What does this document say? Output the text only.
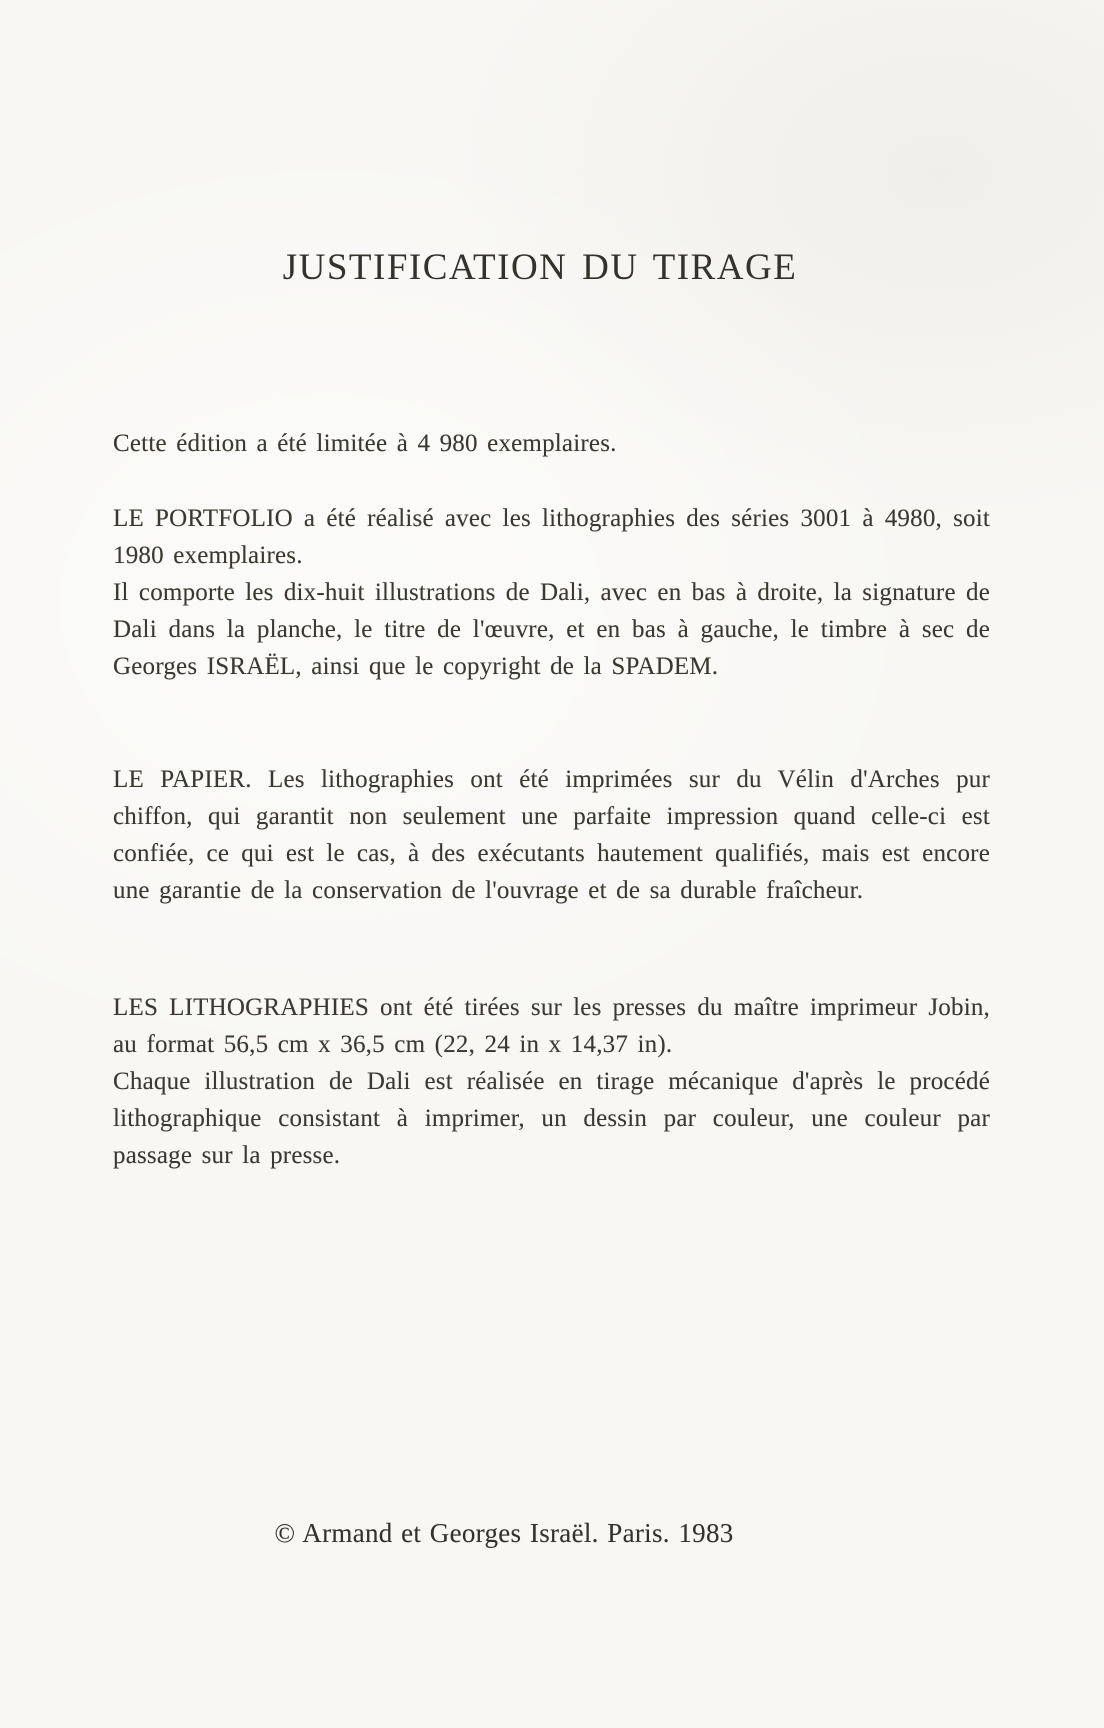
JUSTIFICATION DU TIRAGE

Cette édition a été limitée à 4 980 exemplaires.

LE PORTFOLIO a été réalisé avec les lithographies des séries 3001 à 4980, soit 1980 exemplaires.

Il comporte les dix-huit illustrations de Dali, avec en bas à droite, la signature de Dali dans la planche, le titre de l'œuvre, et en bas à gauche, le timbre à sec de Georges ISRAËL, ainsi que le copyright de la SPADEM.

LE PAPIER. Les lithographies ont été imprimées sur du Vélin d'Arches pur chiffon, qui garantit non seulement une parfaite impression quand celle-ci est confiée, ce qui est le cas, à des exécutants hautement qualifiés, mais est encore une garantie de la conservation de l'ouvrage et de sa durable fraîcheur.

LES LITHOGRAPHIES ont été tirées sur les presses du maître imprimeur Jobin, au format 56,5 cm x 36,5 cm (22, 24 in x 14,37 in).

Chaque illustration de Dali est réalisée en tirage mécanique d'après le procédé lithographique consistant à imprimer, un dessin par couleur, une couleur par passage sur la presse.

© Armand et Georges Israël. Paris. 1983
